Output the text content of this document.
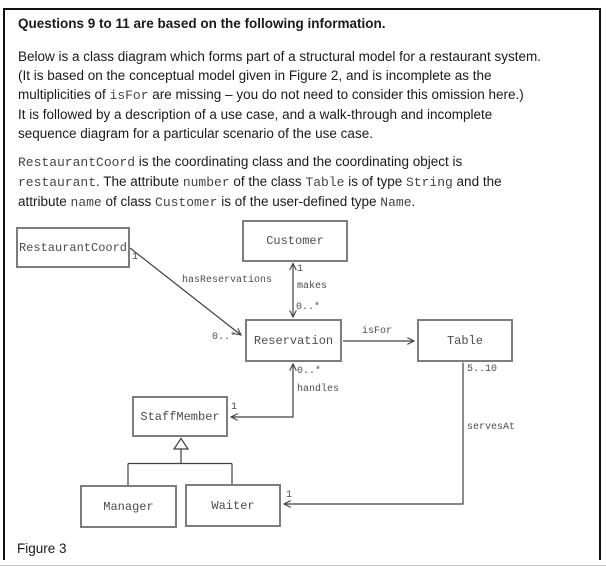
Questions 9 to 11 are based on the following information.
Below is a class diagram which forms part of a structural model for a restaurant system.
(It is based on the conceptual model given in Figure 2, and is incomplete as the
multiplicities of isFor are missing – you do not need to consider this omission here.)
It is followed by a description of a use case, and a walk-through and incomplete
sequence diagram for a particular scenario of the use case.
RestaurantCoord is the coordinating class and the coordinating object is
restaurant. The attribute number of the class Table is of type String and the
attribute name of class Customer is of the user-defined type Name.
RestaurantCoord	Customer
Reservation	Table
StaffMember
Manager	Waiter
1
hasReservations
0..*
1
makes
0..*
isFor
0..*
handles
1
5..10
servesAt
1
Figure 3
